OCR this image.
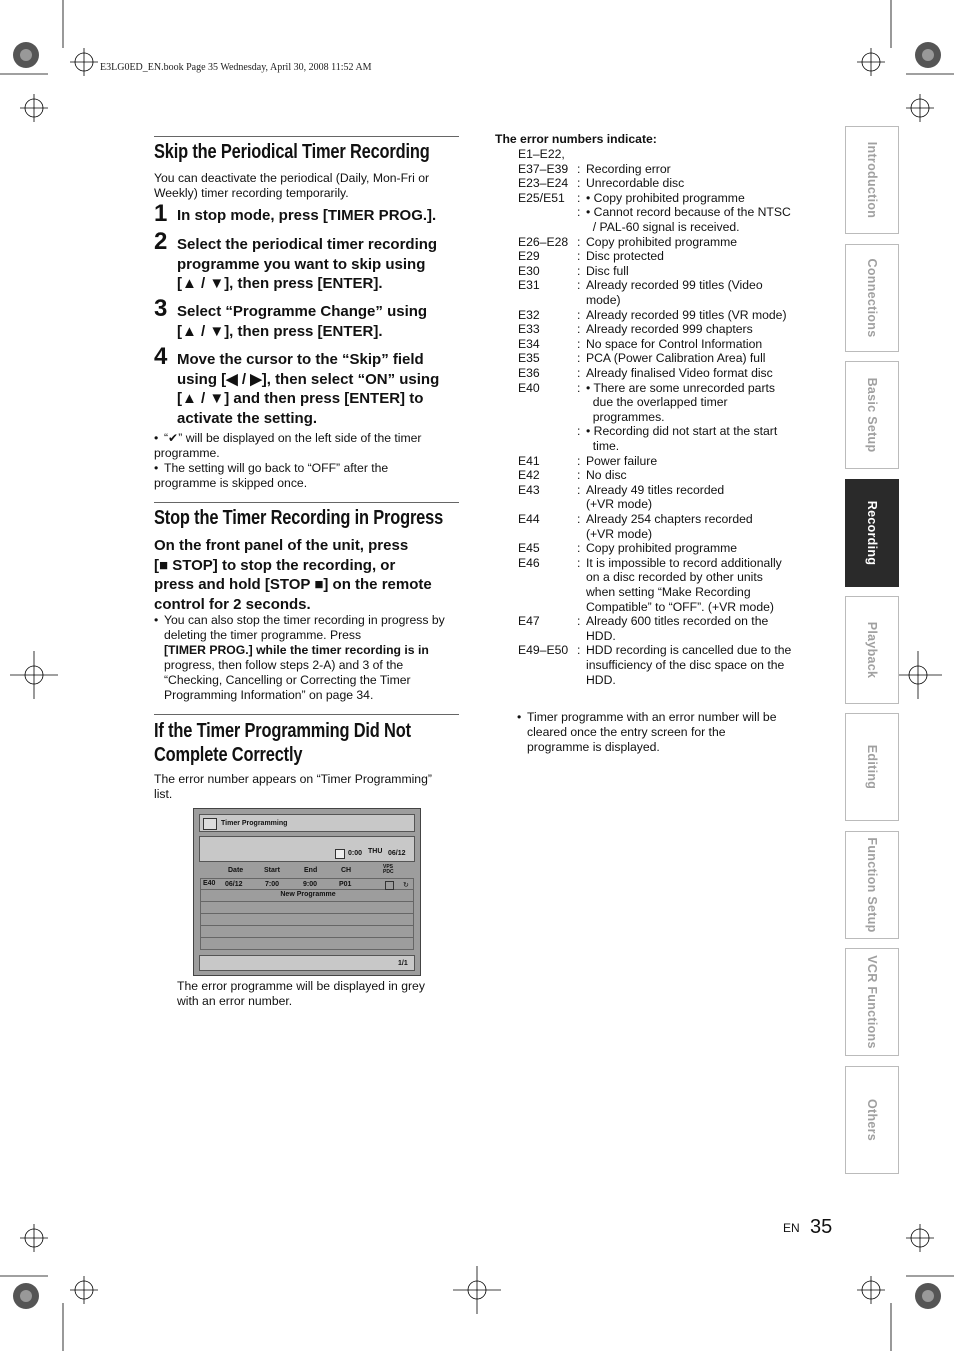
E3LG0ED_EN.book Page 35 Wednesday, April 30, 2008 11:52 AM
Skip the Periodical Timer Recording
You can deactivate the periodical (Daily, Mon-Fri or
Weekly) timer recording temporarily.
1 In stop mode, press [TIMER PROG.].
2 Select the periodical timer recording
programme you want to skip using
[▲ / ▼], then press [ENTER].
3 Select “Programme Change” using
[▲ / ▼], then press [ENTER].
4 Move the cursor to the “Skip” field
using [◀ / ▶], then select “ON” using
[▲ / ▼] and then press [ENTER] to
activate the setting.
• “✔” will be displayed on the left side of the timer
programme.
• The setting will go back to “OFF” after the
programme is skipped once.
Stop the Timer Recording in Progress
On the front panel of the unit, press
[■ STOP] to stop the recording, or
press and hold [STOP ■] on the remote
control for 2 seconds.
• You can also stop the timer recording in progress by
deleting the timer programme. Press
[TIMER PROG.] while the timer recording is in
progress, then follow steps 2-A) and 3 of the
“Checking, Cancelling or Correcting the Timer
Programming Information” on page 34.
If the Timer Programming Did Not
Complete Correctly
The error number appears on “Timer Programming”
list.
Timer Programming
0:00 THU 06/12
Date	Start	End	CH	VPS PDC
E40 06/12	7:00	9:00	P01	↻
New Programme
1/1
The error programme will be displayed in grey
with an error number.
The error numbers indicate:
E1–E22,
E37–E39 : Recording error
E23–E24 : Unrecordable disc
E25/E51 : • Copy prohibited programme
: • Cannot record because of the NTSC
/ PAL-60 signal is received.
E26–E28 : Copy prohibited programme
E29	: Disc protected
E30	: Disc full
E31	: Already recorded 99 titles (Video
mode)
E32	: Already recorded 99 titles (VR mode)
E33	: Already recorded 999 chapters
E34	: No space for Control Information
E35	: PCA (Power Calibration Area) full
E36	: Already finalised Video format disc
E40	: • There are some unrecorded parts
due the overlapped timer
programmes.
: • Recording did not start at the start
time.
E41	: Power failure
E42	: No disc
E43	: Already 49 titles recorded
(+VR mode)
E44	: Already 254 chapters recorded
(+VR mode)
E45	: Copy prohibited programme
E46	: It is impossible to record additionally
on a disc recorded by other units
when setting “Make Recording
Compatible” to “OFF”. (+VR mode)
E47	: Already 600 titles recorded on the
HDD.
E49–E50 : HDD recording is cancelled due to the
insufficiency of the disc space on the
HDD.
• Timer programme with an error number will be
cleared once the entry screen for the
programme is displayed.
Introduction
Connections
Basic Setup
Recording
Playback
Editing
Function Setup
VCR Functions
Others
EN 35
